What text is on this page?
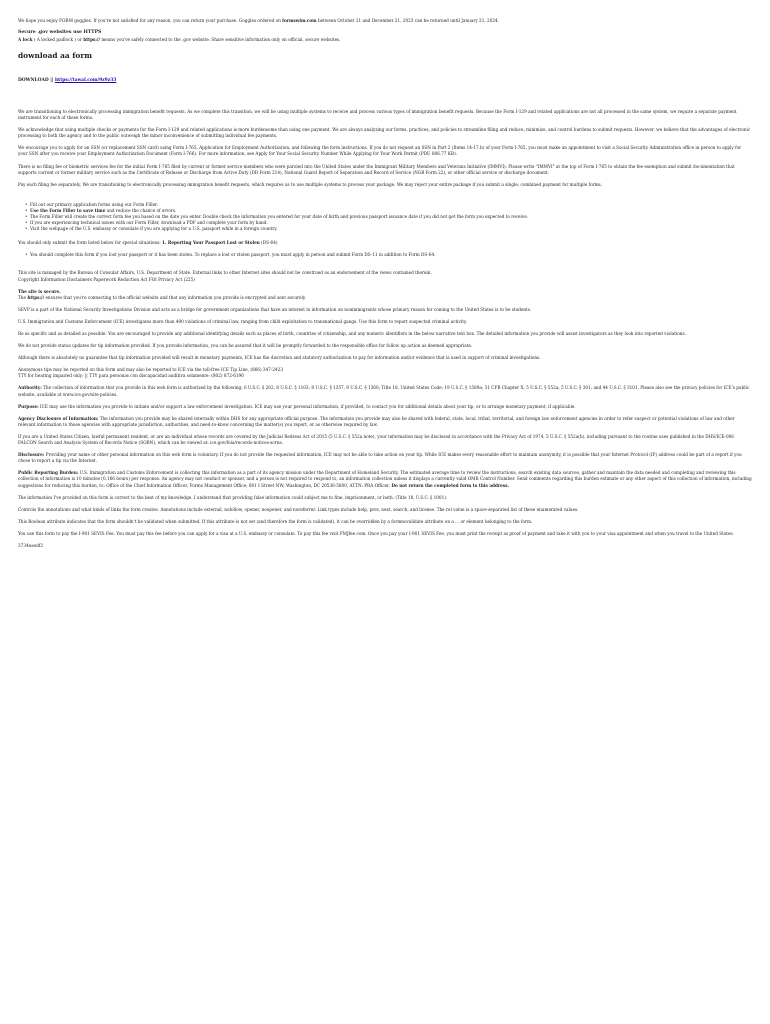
We hope you enjoy FORM goggles. If you're not satisfied for any reason, you can return your purchase. Goggles ordered on formswim.com between October 21 and December 21, 2023 can be returned until January 21, 2024.

Secure .gov websites use HTTPS

A lock ( A locked padlock ) or https:// means you've safely connected to the .gov website. Share sensitive information only on official, secure websites.

download aa form

DOWNLOAD || https://tawal.com/9z9z33

We are transitioning to electronically processing immigration benefit requests. As we complete this transition, we will be using multiple systems to receive and process various types of immigration benefit requests. Because the Form I-129 and related applications are not all processed in the same system, we require a separate payment instrument for each of these forms.

We acknowledge that using multiple checks or payments for the Form I-129 and related applications is more burdensome than using one payment. We are always analyzing our forms, practices, and policies to streamline filing and reduce, minimize, and control burdens to submit requests. However, we believe that the advantages of electronic processing to both the agency and to the public outweigh the minor inconvenience of submitting individual fee payments.

We encourage you to apply for an SSN (or replacement SSN card) using Form I-765, Application for Employment Authorization, and following the form instructions. If you do not request an SSN in Part 2 (Items 14-17.b) of your Form I-765, you must make an appointment to visit a Social Security Administration office in person to apply for your SSN after you receive your Employment Authorization Document (Form I-766). For more information, see Apply for Your Social Security Number While Applying for Your Work Permit (PDF, 806.77 KB).

There is no filing fee or biometric services fee for the initial Form I-765 filed by current or former service members who were paroled into the United States under the Immigrant Military Members and Veterans Initiative (IMMVI). Please write "IMMVI" at the top of Form I-765 to obtain the fee exemption and submit documentation that supports current or former military service such as the Certificate of Release or Discharge from Active Duty (DD Form 214), National Guard Report of Separation and Record of Service (NGB Form 22), or other official service or discharge document.

Pay each filing fee separately. We are transitioning to electronically processing immigration benefit requests, which requires us to use multiple systems to process your package. We may reject your entire package if you submit a single, combined payment for multiple forms.

• Fill out our primary application forms using our Form Filler.
• Use the Form Filler to save time and reduce the chance of errors.
• The Form Filler will create the correct form fee you based on the date you enter. Double check the information you entered for your date of birth and previous passport issuance date if you did not get the form you expected to receive.
• If you are experiencing technical issues with our Form Filler, download a PDF and complete your form by hand.
• Visit the webpage of the U.S. embassy or consulate if you are applying for a U.S. passport while in a foreign country.

You should only submit the form listed below for special situations: 1. Reporting Your Passport Lost or Stolen (DS-64)

• You should complete this form if you lost your passport or it has been stolen. To replace a lost or stolen passport, you must apply in person and submit Form DS-11 in addition to Form DS-64.

This site is managed by the Bureau of Consular Affairs, U.S. Department of State. External links to other Internet sites should not be construed as an endorsement of the views contained therein.

Copyright Information Disclaimers Paperwork Reduction Act FOI Privacy Act (225)

The site is secure.

The https:// ensures that you're connecting to the official website and that any information you provide is encrypted and sent securely.

SEVP is a part of the National Security Investigations Division and acts as a bridge for government organizations that have an interest in information on nonimmigrants whose primary reason for coming to the United States is to be students.

U.S. Immigration and Customs Enforcement (ICE) investigates more than 400 violations of criminal law, ranging from child exploitation to transnational gangs. Use this form to report suspected criminal activity.

Be as specific and as detailed as possible. You are encouraged to provide any additional identifying details such as places of birth, countries of citizenship, and any numeric identifiers in the below narrative text box. The detailed information you provide will assist investigators as they look into reported violations.

We do not provide status updates for tip information provided. If you provide information, you can be assured that it will be promptly forwarded to the responsible office for follow up action as deemed appropriate.

Although there is absolutely no guarantee that tip information provided will result in monetary payments, ICE has the discretion and statutory authorization to pay for information and/or evidence that is used in support of criminal investigations.

Anonymous tips may be reported on this form and may also be reported to ICE via the toll-free ICE Tip Line, (866) 347-2423

TTY for hearing impaired only: || TTY para personas con discapacidad auditiva solamente: (802) 872-6196

Authority: The collection of information that you provide in this web form is authorized by the following: 6 U.S.C. § 202, 8 U.S.C. § 1103; 8 U.S.C. § 1357, 8 U.S.C. § 1360; Title 18, United States Code; 19 U.S.C. § 1589a; 31 CFR Chapter X; 5 U.S.C. § 552a; 5 U.S.C. § 301; and 44 U.S.C. § 3101. Please also see the privacy policies for ICE's public website, available at www.ice.gov/site-policies.

Purpose: ICE may use the information you provide to initiate and/or support a law enforcement investigation. ICE may use your personal information, if provided, to contact you for additional details about your tip, or to arrange monetary payment, if applicable.

Agency Disclosure of Information: The information you provide may be shared internally within DHS for any appropriate official purpose. The information you provide may also be shared with federal, state, local, tribal, territorial, and foreign law enforcement agencies in order to refer suspect or potential violations of law and other relevant information to those agencies with appropriate jurisdiction, authorities, and need-to-know concerning the matter(s) you report, or as otherwise required by law.

If you are a United States Citizen, lawful permanent resident, or are an individual whose records are covered by the Judicial Redress Act of 2015 (5 U.S.C. § 552a note), your information may be disclosed in accordance with the Privacy Act of 1974, 5 U.S.C. § 552a(b), including pursuant to the routine uses published in the DHS/ICE-006 FALCON Search and Analysis System of Records Notice (SORN), which can be viewed at: ice.gov/foia/records-notices-sorns.

Disclosure: Providing your name or other personal information on this web form is voluntary. If you do not provide the requested information, ICE may not be able to take action on your tip. While ICE makes every reasonable effort to maintain anonymity, it is possible that your Internet Protocol (IP) address could be part of a report if you chose to report a tip via the Internet.

Public Reporting Burden: U.S. Immigration and Customs Enforcement is collecting this information as a part of its agency mission under the Department of Homeland Security. The estimated average time to review the instructions, search existing data sources, gather and maintain the data needed and completing and reviewing this collection of information is 10 minutes (0.166 hours) per response. An agency may not conduct or sponsor, and a person is not required to respond to, an information collection unless it displays a currently valid OMB Control Number. Send comments regarding this burden estimate or any other aspect of this collection of information, including suggestions for reducing this burden, to: Office of the Chief Information Officer, Forms Management Office; 801 I Street NW; Washington, DC 20536-5800, ATTN: PRA Officer. Do not return the completed form to this address.

The information I've provided on this form is correct to the best of my knowledge. I understand that providing false information could subject me to fine, imprisonment, or both. (Title 18, U.S.C. § 1001).

Controls the annotations and what kinds of links the form creates. Annotations include external, nofollow, opener, noopener, and noreferrer. Link types include help, prev, next, search, and license. The rel value is a space-separated list of these enumerated values.

This Boolean attribute indicates that the form shouldn't be validated when submitted. If this attribute is not set (and therefore the form is validated), it can be overridden by a formnovalidate attribute on a ... or element belonging to the form.

You use this form to pay the I-901 SEVIS Fee. You must pay this fee before you can apply for a visa at a U.S. embassy or consulate. To pay this fee visit FMJfee.com. Once you pay your I-901 SEVIS Fee, you must print the receipt as proof of payment and take it with you to your visa appointment and when you travel to the United States.

3734eaedf2
